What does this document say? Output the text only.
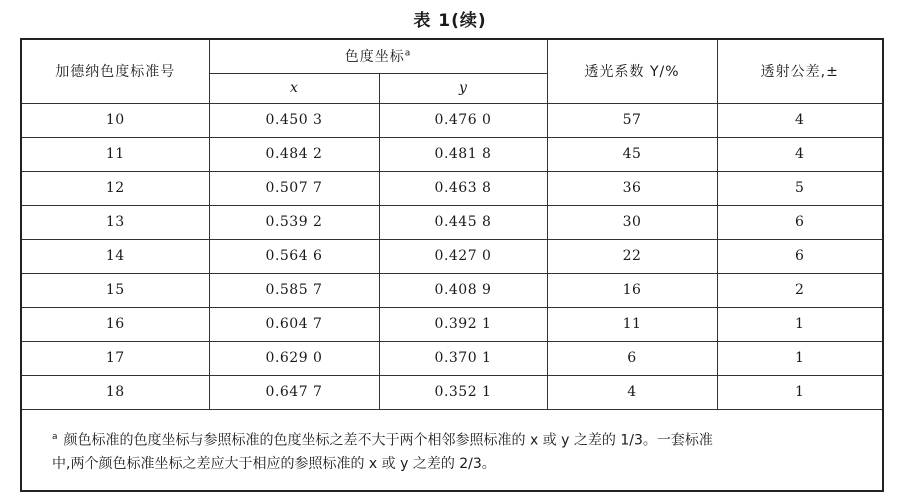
表 1(续)
加德纳色度标准号	色度坐标$^a$		透光系数 Y/%	透射公差,±
	x	y		
10	0.450 3	0.476 0	57	4
11	0.484 2	0.481 8	45	4
12	0.507 7	0.463 8	36	5
13	0.539 2	0.445 8	30	6
14	0.564 6	0.427 0	22	6
15	0.585 7	0.408 9	16	2
16	0.604 7	0.392 1	11	1
17	0.629 0	0.370 1	6	1
18	0.647 7	0.352 1	4	1
$^a$ 颜色标准的色度坐标与参照标准的色度坐标之差不大于两个相邻参照标准的 x 或 y 之差的 1/3。一套标准
中,两个颜色标准坐标之差应大于相应的参照标准的 x 或 y 之差的 2/3。				
